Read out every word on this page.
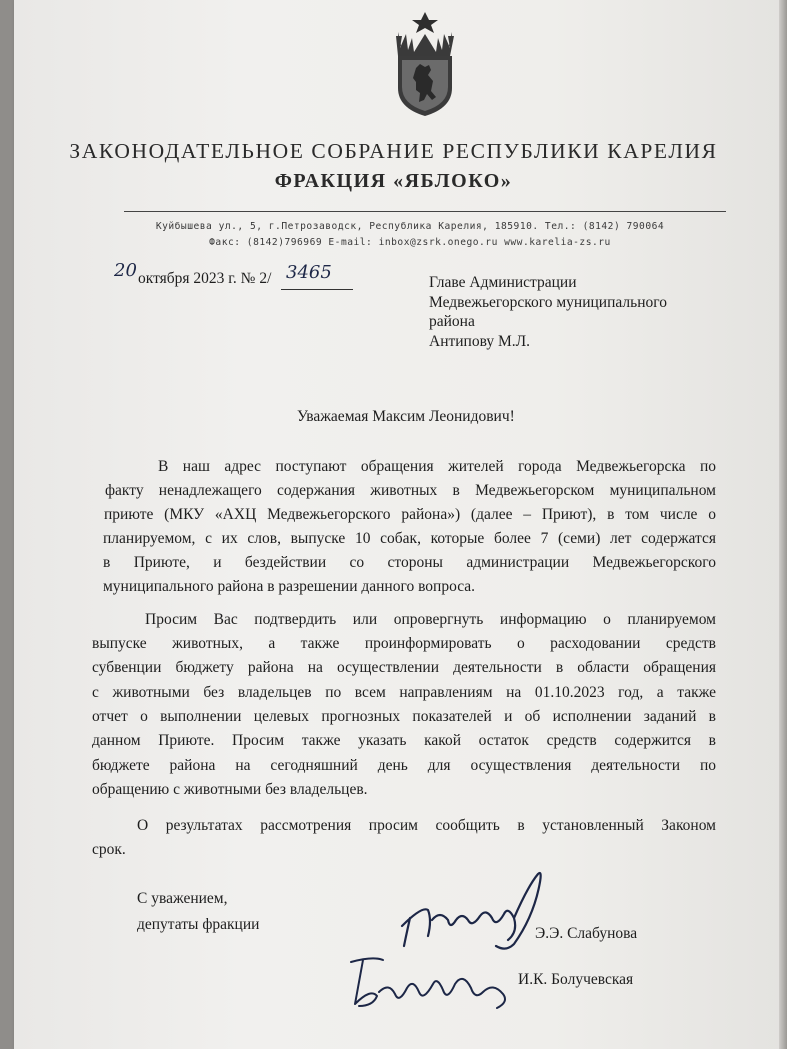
ЗАКОНОДАТЕЛЬНОЕ СОБРАНИЕ РЕСПУБЛИКИ КАРЕЛИЯ
ФРАКЦИЯ «ЯБЛОКО»
Куйбышева ул., 5, г.Петрозаводск, Республика Карелия, 185910. Тел.: (8142) 790064
Факс: (8142)796969 E-mail: inbox@zsrk.onego.ru www.karelia-zs.ru
20 октября 2023 г. № 2/ 3465	Главе Администрации
Медвежьегорского муниципального
района
Антипову М.Л.
Уважаемая Максим Леонидович!
В наш адрес поступают обращения жителей города Медвежьегорска по
факту ненадлежащего содержания животных в Медвежьегорском муниципальном
приюте (МКУ «АХЦ Медвежьегорского района») (далее – Приют), в том числе о
планируемом, с их слов, выпуске 10 собак, которые более 7 (семи) лет содержатся
в Приюте, и бездействии со стороны администрации Медвежьегорского
муниципального района в разрешении данного вопроса.
Просим Вас подтвердить или опровергнуть информацию о планируемом
выпуске животных, а также проинформировать о расходовании средств
субвенции бюджету района на осуществлении деятельности в области обращения
с животными без владельцев по всем направлениям на 01.10.2023 год, а также
отчет о выполнении целевых прогнозных показателей и об исполнении заданий в
данном Приюте. Просим также указать какой остаток средств содержится в
бюджете района на сегодняшний день для осуществления деятельности по
обращению с животными без владельцев.
О результатах рассмотрения просим сообщить в установленный Законом
срок.
С уважением,
депутаты фракции
Э.Э. Слабунова
И.К. Болучевская
